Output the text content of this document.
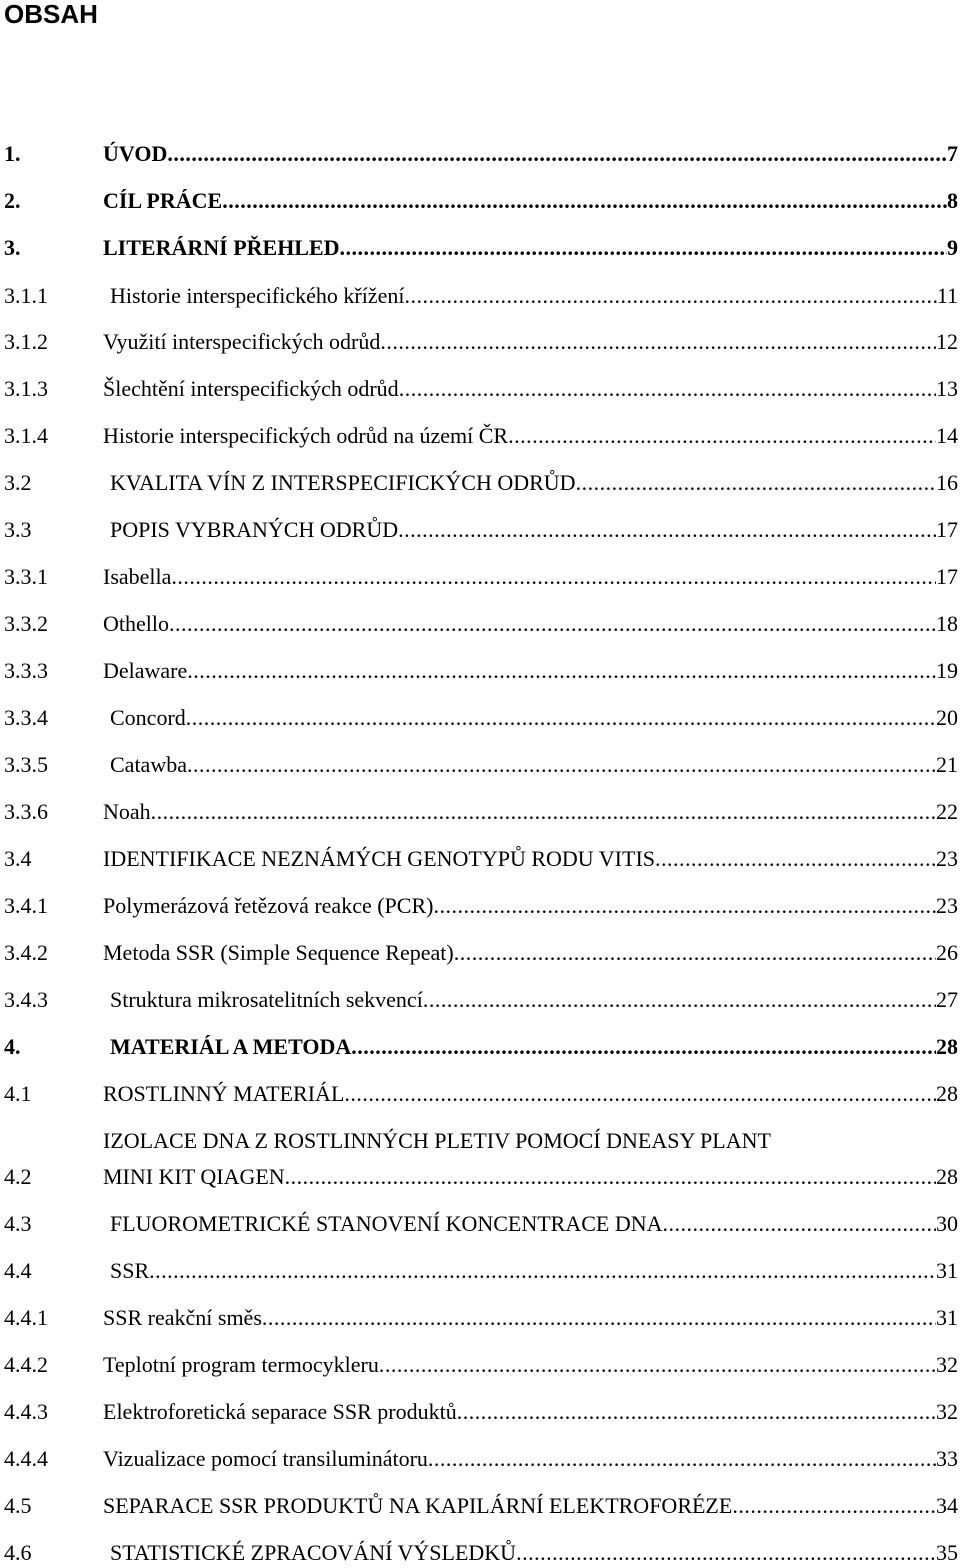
OBSAH
1.	ÚVOD .....	7
2.	CÍL PRÁCE .....	8
3.	LITERÁRNÍ PŘEHLED .....	9
3.1.1	Historie interspecifického křížení .....	11
3.1.2	Využití interspecifických odrůd .....	12
3.1.3	Šlechtění interspecifických odrůd .....	13
3.1.4	Historie interspecifických odrůd na území ČR .....	14
3.2	KVALITA VÍN Z INTERSPECIFICKÝCH ODRŮD .....	16
3.3	POPIS VYBRANÝCH ODRŮD .....	17
3.3.1	Isabella .....	17
3.3.2	Othello .....	18
3.3.3	Delaware .....	19
3.3.4	Concord .....	20
3.3.5	Catawba .....	21
3.3.6	Noah .....	22
3.4	IDENTIFIKACE NEZNÁMÝCH GENOTYPŮ RODU VITIS .....	23
3.4.1	Polymerázová řetězová reakce (PCR) .....	23
3.4.2	Metoda SSR (Simple Sequence Repeat) .....	26
3.4.3	Struktura mikrosatelitních sekvencí .....	27
4.	MATERIÁL A METODA .....	28
4.1	ROSTLINNÝ MATERIÁL .....	28
IZOLACE DNA Z ROSTLINNÝCH PLETIV POMOCÍ DNEASY PLANT
4.2	MINI KIT QIAGEN .....	28
4.3	FLUOROMETRICKÉ STANOVENÍ KONCENTRACE DNA .....	30
4.4	SSR .....	31
4.4.1	SSR reakční směs .....	31
4.4.2	Teplotní program termocykleru .....	32
4.4.3	Elektroforetická separace SSR produktů .....	32
4.4.4	Vizualizace pomocí transiluminátoru .....	33
4.5	SEPARACE SSR PRODUKTŮ NA KAPILÁRNÍ ELEKTROFORÉZE .....	34
4.6	STATISTICKÉ ZPRACOVÁNÍ VÝSLEDKŮ .....	35
